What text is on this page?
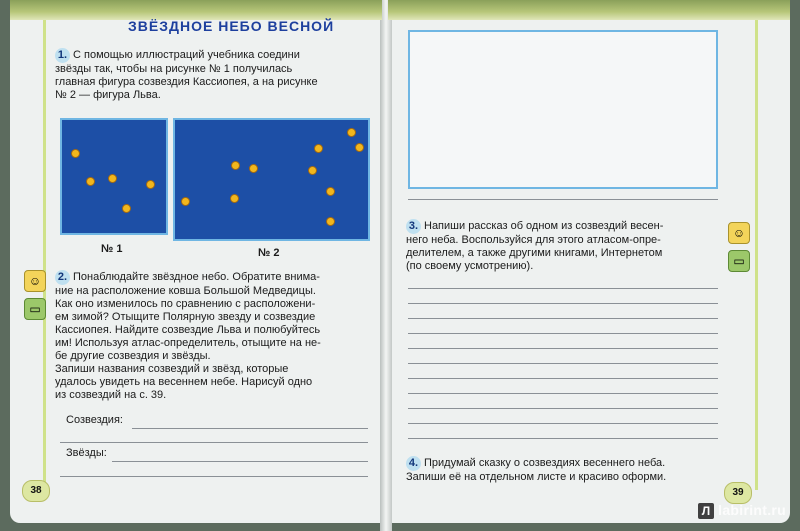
ЗВЁЗДНОЕ НЕБО ВЕСНОЙ
1. С помощью иллюстраций учебника соедини
звёзды так, чтобы на рисунке № 1 получилась
главная фигура созвездия Кассиопея, а на рисунке
№ 2 — фигура Льва.
№ 1	№ 2
☺
▭
2. Понаблюдайте звёздное небо. Обратите внима-
ние на расположение ковша Большой Медведицы.
Как оно изменилось по сравнению с расположени-
ем зимой? Отыщите Полярную звезду и созвездие
Кассиопея. Найдите созвездие Льва и полюбуйтесь
им! Используя атлас-определитель, отыщите на не-
бе другие созвездия и звёзды.
Запиши названия созвездий и звёзд, которые
удалось увидеть на весеннем небе. Нарисуй одно
из созвездий на с. 39.
Созвездия:
Звёзды:
38
☺
▭
3. Напиши рассказ об одном из созвездий весен-
него неба. Воспользуйся для этого атласом-опре-
делителем, а также другими книгами, Интернетом
(по своему усмотрению).
4. Придумай сказку о созвездиях весеннего неба.
Запиши её на отдельном листе и красиво оформи.
39
Л labirint.ru
